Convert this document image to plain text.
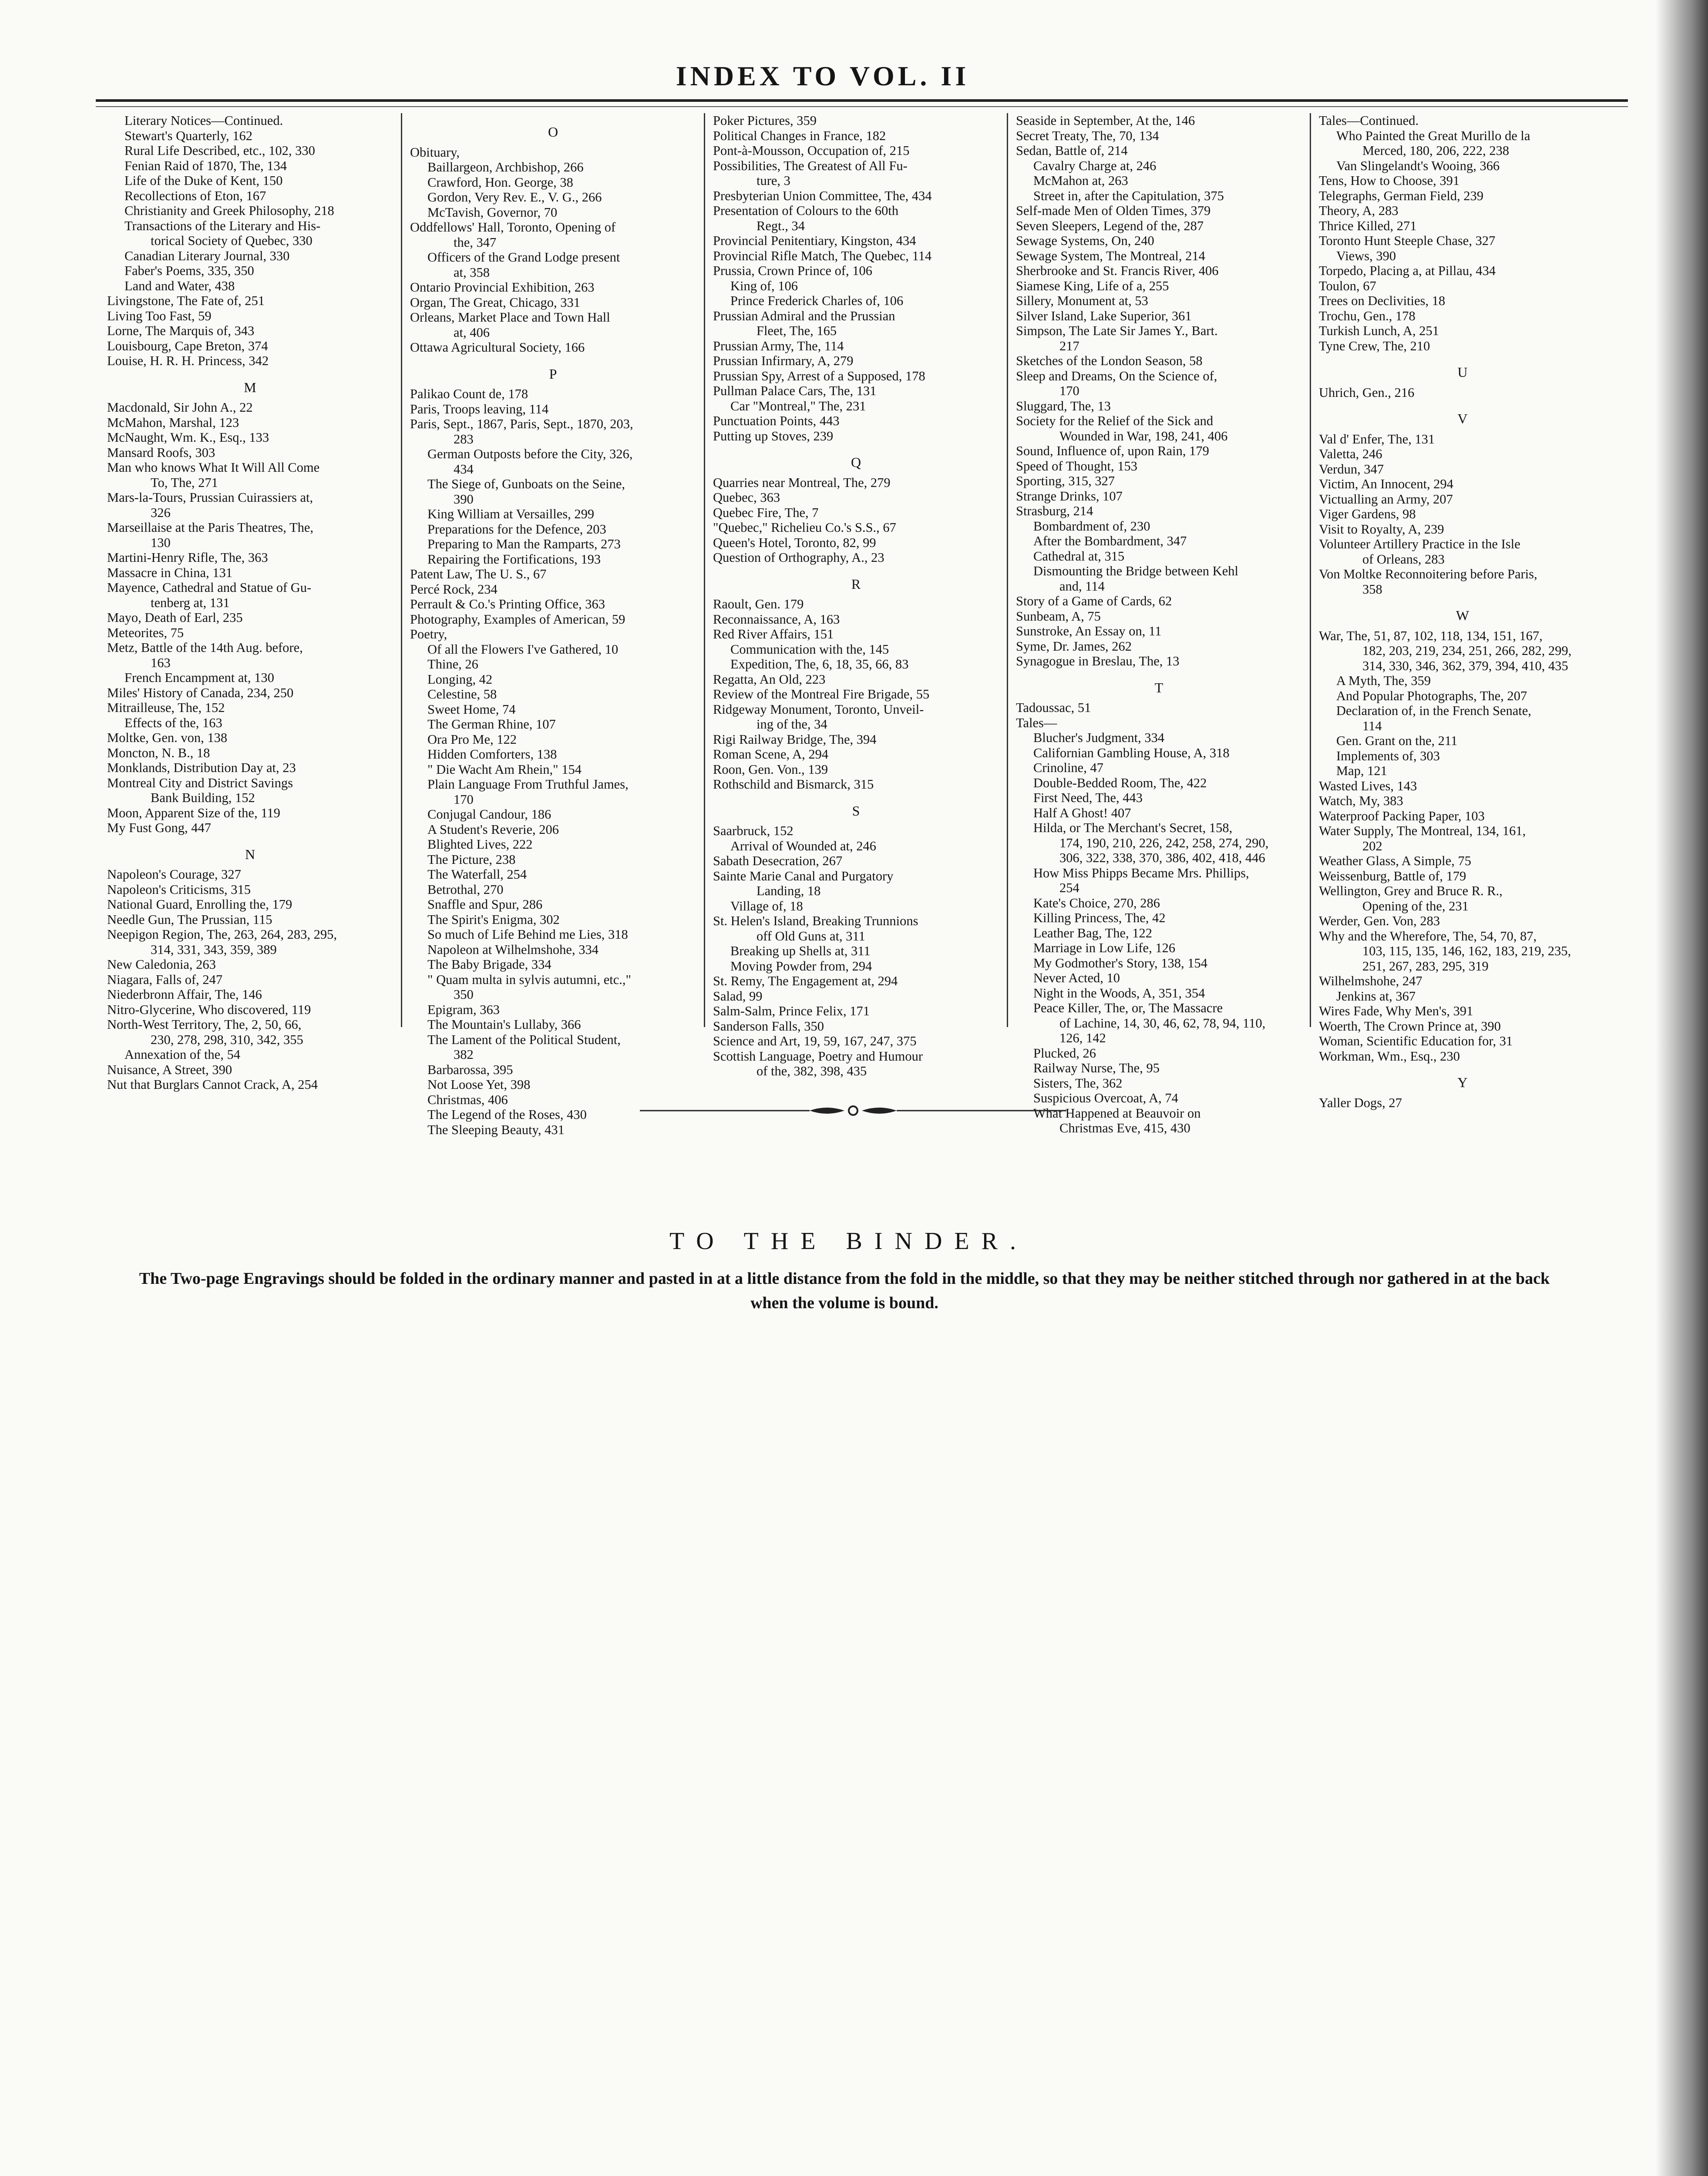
INDEX TO VOL. II
Literary Notices—Continued.
Stewart's Quarterly, 162
Rural Life Described, etc., 102, 330
Fenian Raid of 1870, The, 134
Life of the Duke of Kent, 150
Recollections of Eton, 167
Christianity and Greek Philosophy, 218
Transactions of the Literary and His-
torical Society of Quebec, 330
Canadian Literary Journal, 330
Faber's Poems, 335, 350
Land and Water, 438
Livingstone, The Fate of, 251
Living Too Fast, 59
Lorne, The Marquis of, 343
Louisbourg, Cape Breton, 374
Louise, H. R. H. Princess, 342
M
Macdonald, Sir John A., 22
McMahon, Marshal, 123
McNaught, Wm. K., Esq., 133
Mansard Roofs, 303
Man who knows What It Will All Come
To, The, 271
Mars-la-Tours, Prussian Cuirassiers at,
326
Marseillaise at the Paris Theatres, The,
130
Martini-Henry Rifle, The, 363
Massacre in China, 131
Mayence, Cathedral and Statue of Gu-
tenberg at, 131
Mayo, Death of Earl, 235
Meteorites, 75
Metz, Battle of the 14th Aug. before,
163
French Encampment at, 130
Miles' History of Canada, 234, 250
Mitrailleuse, The, 152
Effects of the, 163
Moltke, Gen. von, 138
Moncton, N. B., 18
Monklands, Distribution Day at, 23
Montreal City and District Savings
Bank Building, 152
Moon, Apparent Size of the, 119
My Fust Gong, 447
N
Napoleon's Courage, 327
Napoleon's Criticisms, 315
National Guard, Enrolling the, 179
Needle Gun, The Prussian, 115
Neepigon Region, The, 263, 264, 283, 295,
314, 331, 343, 359, 389
New Caledonia, 263
Niagara, Falls of, 247
Niederbronn Affair, The, 146
Nitro-Glycerine, Who discovered, 119
North-West Territory, The, 2, 50, 66,
230, 278, 298, 310, 342, 355
Annexation of the, 54
Nuisance, A Street, 390
Nut that Burglars Cannot Crack, A, 254
O
Obituary,
Baillargeon, Archbishop, 266
Crawford, Hon. George, 38
Gordon, Very Rev. E., V. G., 266
McTavish, Governor, 70
Oddfellows' Hall, Toronto, Opening of
the, 347
Officers of the Grand Lodge present
at, 358
Ontario Provincial Exhibition, 263
Organ, The Great, Chicago, 331
Orleans, Market Place and Town Hall
at, 406
Ottawa Agricultural Society, 166
P
Palikao Count de, 178
Paris, Troops leaving, 114
Paris, Sept., 1867, Paris, Sept., 1870, 203,
283
German Outposts before the City, 326,
434
The Siege of, Gunboats on the Seine,
390
King William at Versailles, 299
Preparations for the Defence, 203
Preparing to Man the Ramparts, 273
Repairing the Fortifications, 193
Patent Law, The U. S., 67
Percé Rock, 234
Perrault & Co.'s Printing Office, 363
Photography, Examples of American, 59
Poetry,
Of all the Flowers I've Gathered, 10
Thine, 26
Longing, 42
Celestine, 58
Sweet Home, 74
The German Rhine, 107
Ora Pro Me, 122
Hidden Comforters, 138
" Die Wacht Am Rhein," 154
Plain Language From Truthful James,
170
Conjugal Candour, 186
A Student's Reverie, 206
Blighted Lives, 222
The Picture, 238
The Waterfall, 254
Betrothal, 270
Snaffle and Spur, 286
The Spirit's Enigma, 302
So much of Life Behind me Lies, 318
Napoleon at Wilhelmshohe, 334
The Baby Brigade, 334
" Quam multa in sylvis autumni, etc.,"
350
Epigram, 363
The Mountain's Lullaby, 366
The Lament of the Political Student,
382
Barbarossa, 395
Not Loose Yet, 398
Christmas, 406
The Legend of the Roses, 430
The Sleeping Beauty, 431
Poker Pictures, 359
Political Changes in France, 182
Pont-à-Mousson, Occupation of, 215
Possibilities, The Greatest of All Fu-
ture, 3
Presbyterian Union Committee, The, 434
Presentation of Colours to the 60th
Regt., 34
Provincial Penitentiary, Kingston, 434
Provincial Rifle Match, The Quebec, 114
Prussia, Crown Prince of, 106
King of, 106
Prince Frederick Charles of, 106
Prussian Admiral and the Prussian
Fleet, The, 165
Prussian Army, The, 114
Prussian Infirmary, A, 279
Prussian Spy, Arrest of a Supposed, 178
Pullman Palace Cars, The, 131
Car "Montreal," The, 231
Punctuation Points, 443
Putting up Stoves, 239
Q
Quarries near Montreal, The, 279
Quebec, 363
Quebec Fire, The, 7
"Quebec," Richelieu Co.'s S.S., 67
Queen's Hotel, Toronto, 82, 99
Question of Orthography, A., 23
R
Raoult, Gen. 179
Reconnaissance, A, 163
Red River Affairs, 151
Communication with the, 145
Expedition, The, 6, 18, 35, 66, 83
Regatta, An Old, 223
Review of the Montreal Fire Brigade, 55
Ridgeway Monument, Toronto, Unveil-
ing of the, 34
Rigi Railway Bridge, The, 394
Roman Scene, A, 294
Roon, Gen. Von., 139
Rothschild and Bismarck, 315
S
Saarbruck, 152
Arrival of Wounded at, 246
Sabath Desecration, 267
Sainte Marie Canal and Purgatory
Landing, 18
Village of, 18
St. Helen's Island, Breaking Trunnions
off Old Guns at, 311
Breaking up Shells at, 311
Moving Powder from, 294
St. Remy, The Engagement at, 294
Salad, 99
Salm-Salm, Prince Felix, 171
Sanderson Falls, 350
Science and Art, 19, 59, 167, 247, 375
Scottish Language, Poetry and Humour
of the, 382, 398, 435
Seaside in September, At the, 146
Secret Treaty, The, 70, 134
Sedan, Battle of, 214
Cavalry Charge at, 246
McMahon at, 263
Street in, after the Capitulation, 375
Self-made Men of Olden Times, 379
Seven Sleepers, Legend of the, 287
Sewage Systems, On, 240
Sewage System, The Montreal, 214
Sherbrooke and St. Francis River, 406
Siamese King, Life of a, 255
Sillery, Monument at, 53
Silver Island, Lake Superior, 361
Simpson, The Late Sir James Y., Bart.
217
Sketches of the London Season, 58
Sleep and Dreams, On the Science of,
170
Sluggard, The, 13
Society for the Relief of the Sick and
Wounded in War, 198, 241, 406
Sound, Influence of, upon Rain, 179
Speed of Thought, 153
Sporting, 315, 327
Strange Drinks, 107
Strasburg, 214
Bombardment of, 230
After the Bombardment, 347
Cathedral at, 315
Dismounting the Bridge between Kehl
and, 114
Story of a Game of Cards, 62
Sunbeam, A, 75
Sunstroke, An Essay on, 11
Syme, Dr. James, 262
Synagogue in Breslau, The, 13
T
Tadoussac, 51
Tales—
Blucher's Judgment, 334
Californian Gambling House, A, 318
Crinoline, 47
Double-Bedded Room, The, 422
First Need, The, 443
Half A Ghost! 407
Hilda, or The Merchant's Secret, 158,
174, 190, 210, 226, 242, 258, 274, 290,
306, 322, 338, 370, 386, 402, 418, 446
How Miss Phipps Became Mrs. Phillips,
254
Kate's Choice, 270, 286
Killing Princess, The, 42
Leather Bag, The, 122
Marriage in Low Life, 126
My Godmother's Story, 138, 154
Never Acted, 10
Night in the Woods, A, 351, 354
Peace Killer, The, or, The Massacre
of Lachine, 14, 30, 46, 62, 78, 94, 110,
126, 142
Plucked, 26
Railway Nurse, The, 95
Sisters, The, 362
Suspicious Overcoat, A, 74
What Happened at Beauvoir on
Christmas Eve, 415, 430
Tales—Continued.
Who Painted the Great Murillo de la
Merced, 180, 206, 222, 238
Van Slingelandt's Wooing, 366
Tens, How to Choose, 391
Telegraphs, German Field, 239
Theory, A, 283
Thrice Killed, 271
Toronto Hunt Steeple Chase, 327
Views, 390
Torpedo, Placing a, at Pillau, 434
Toulon, 67
Trees on Declivities, 18
Trochu, Gen., 178
Turkish Lunch, A, 251
Tyne Crew, The, 210
U
Uhrich, Gen., 216
V
Val d' Enfer, The, 131
Valetta, 246
Verdun, 347
Victim, An Innocent, 294
Victualling an Army, 207
Viger Gardens, 98
Visit to Royalty, A, 239
Volunteer Artillery Practice in the Isle
of Orleans, 283
Von Moltke Reconnoitering before Paris,
358
W
War, The, 51, 87, 102, 118, 134, 151, 167,
182, 203, 219, 234, 251, 266, 282, 299,
314, 330, 346, 362, 379, 394, 410, 435
A Myth, The, 359
And Popular Photographs, The, 207
Declaration of, in the French Senate,
114
Gen. Grant on the, 211
Implements of, 303
Map, 121
Wasted Lives, 143
Watch, My, 383
Waterproof Packing Paper, 103
Water Supply, The Montreal, 134, 161,
202
Weather Glass, A Simple, 75
Weissenburg, Battle of, 179
Wellington, Grey and Bruce R. R.,
Opening of the, 231
Werder, Gen. Von, 283
Why and the Wherefore, The, 54, 70, 87,
103, 115, 135, 146, 162, 183, 219, 235,
251, 267, 283, 295, 319
Wilhelmshohe, 247
Jenkins at, 367
Wires Fade, Why Men's, 391
Woerth, The Crown Prince at, 390
Woman, Scientific Education for, 31
Workman, Wm., Esq., 230
Y
Yaller Dogs, 27
TO THE BINDER.
The Two-page Engravings should be folded in the ordinary manner and pasted in at a little distance from the fold in the middle, so that they may be neither stitched through nor gathered in at the back when the volume is bound.
